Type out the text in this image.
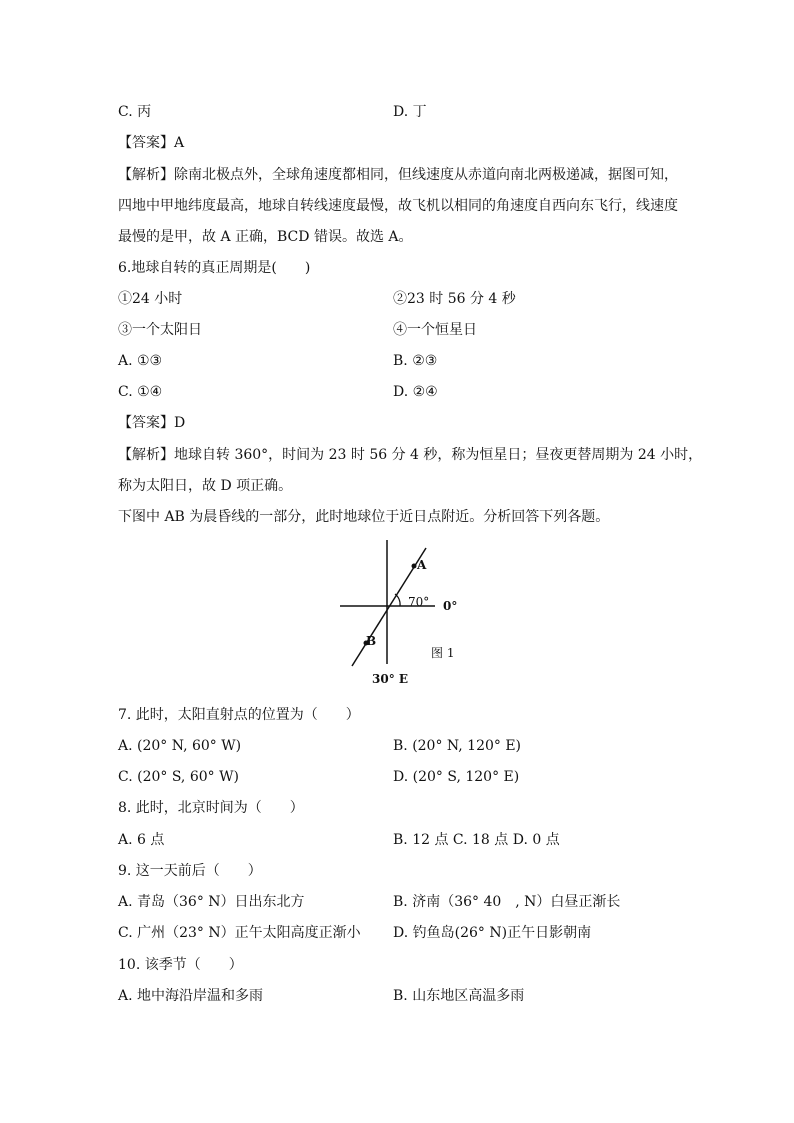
C. 丙	D. 丁
【答案】A
【解析】除南北极点外，全球角速度都相同，但线速度从赤道向南北两极递减，据图可知，
四地中甲地纬度最高，地球自转线速度最慢，故飞机以相同的角速度自西向东飞行，线速度
最慢的是甲，故 A 正确，BCD 错误。故选 A。
6.地球自转的真正周期是(　　)
①24 小时	②23 时 56 分 4 秒
③一个太阳日	④一个恒星日
A. ①③	B. ②③
C. ①④	D. ②④
【答案】D
【解析】地球自转 360°，时间为 23 时 56 分 4 秒，称为恒星日；昼夜更替周期为 24 小时，
称为太阳日，故 D 项正确。
下图中 AB 为晨昏线的一部分，此时地球位于近日点附近。分析回答下列各题。
A
B
70° 0°
30° E
图 1
7. 此时，太阳直射点的位置为（　　）
A. (20° N, 60° W)	B. (20° N, 120° E)
C. (20° S, 60° W)	D. (20° S, 120° E)
8. 此时，北京时间为（　　）
A. 6 点	B. 12 点 C. 18 点 D. 0 点
9. 这一天前后（　　）
A. 青岛（36° N）日出东北方	B. 济南（36° 40　, N）白昼正渐长
C. 广州（23° N）正午太阳高度正渐小 D. 钓鱼岛(26° N)正午日影朝南
10. 该季节（　　）
A. 地中海沿岸温和多雨	B. 山东地区高温多雨
